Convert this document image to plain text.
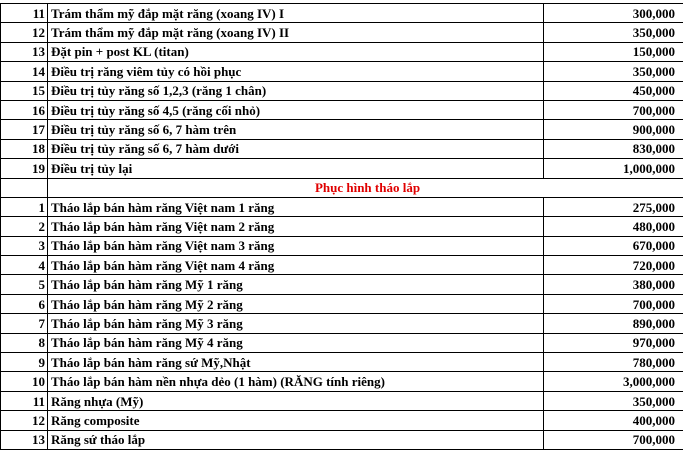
11	Trám thẩm mỹ đắp mặt răng (xoang IV) I	300,000
12	Trám thẩm mỹ đắp mặt răng (xoang IV) II	350,000
13	Đặt pin + post KL (titan)	150,000
14	Điều trị răng viêm tủy có hồi phục	350,000
15	Điều trị tủy răng số 1,2,3 (răng 1 chân)	450,000
16	Điều trị tủy răng số 4,5 (răng cối nhỏ)	700,000
17	Điều trị tủy răng số 6, 7 hàm trên	900,000
18	Điều trị tủy răng số 6, 7 hàm dưới	830,000
19	Điều trị tủy lại	1,000,000
	Phục hình tháo lắp	
1	Tháo lắp bán hàm răng Việt nam 1 răng	275,000
2	Tháo lắp bán hàm răng Việt nam 2 răng	480,000
3	Tháo lắp bán hàm răng Việt nam 3 răng	670,000
4	Tháo lắp bán hàm răng Việt nam 4 răng	720,000
5	Tháo lắp bán hàm răng Mỹ 1 răng	380,000
6	Tháo lắp bán hàm răng Mỹ 2 răng	700,000
7	Tháo lắp bán hàm răng Mỹ 3 răng	890,000
8	Tháo lắp bán hàm răng Mỹ 4 răng	970,000
9	Tháo lắp bán hàm răng sứ Mỹ,Nhật	780,000
10	Tháo lắp bán hàm nền nhựa dẻo (1 hàm) (RĂNG tính riêng)	3,000,000
11	Răng nhựa (Mỹ)	350,000
12	Răng composite	400,000
13	Răng sứ tháo lắp	700,000
